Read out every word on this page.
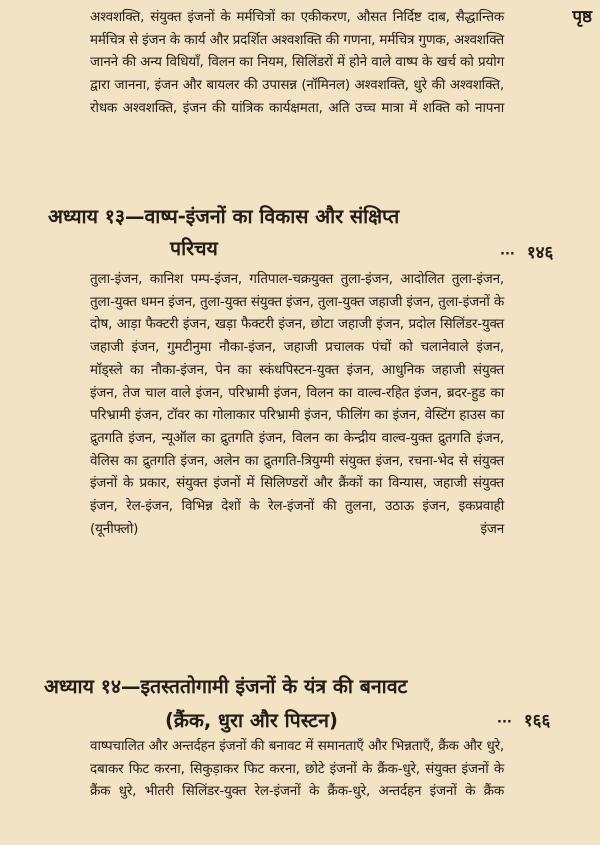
पृष्ठ
अश्वशक्ति, संयुक्त इंजनों के मर्मचित्रों का एकीकरण, औसत निर्दिष्ट दाब, सैद्धान्तिक मर्मचित्र से इंजन के कार्य और प्रदर्शित अश्वशक्ति की गणना, मर्मचित्र गुणक, अश्वशक्ति जानने की अन्य विधियाँ, विलन का नियम, सिलिंडरों में होने वाले वाष्प के खर्च को प्रयोग द्वारा जानना, इंजन और बायलर की उपासन्न (नॉमिनल) अश्वशक्ति, धुरे की अश्वशक्ति, रोधक अश्वशक्ति, इंजन की यांत्रिक कार्यक्षमता, अति उच्च मात्रा में शक्ति को नापना
अध्याय १३—वाष्प-इंजनों का विकास और संक्षिप्त
परिचय	··· १४६
तुला-इंजन, कानिश पम्प-इंजन, गतिपाल-चक्रयुक्त तुला-इंजन, आदोलित तुला-इंजन, तुला-युक्त धमन इंजन, तुला-युक्त संयुक्त इंजन, तुला-युक्त जहाजी इंजन, तुला-इंजनों के दोष, आड़ा फैक्टरी इंजन, खड़ा फैक्टरी इंजन, छोटा जहाजी इंजन, प्रदोल सिलिंडर-युक्त जहाजी इंजन, गुमटीनुमा नौका-इंजन, जहाजी प्रचालक पंचों को चलानेवाले इंजन, मॉड्स्ले का नौका-इंजन, पेन का स्कंधपिस्टन-युक्त इंजन, आधुनिक जहाजी संयुक्त इंजन, तेज चाल वाले इंजन, परिभ्रामी इंजन, विलन का वाल्व-रहित इंजन, ब्रदर-हुड का परिभ्रामी इंजन, टॉवर का गोलाकार परिभ्रामी इंजन, फीलिंग का इंजन, वेस्टिंग हाउस का द्रुतगति इंजन, न्यूऑल का द्रुतगति इंजन, विलन का केन्द्रीय वाल्व-युक्त द्रुतगति इंजन, वेलिस का द्रुतगति इंजन, अलेन का द्रुतगति-त्रियुग्मी संयुक्त इंजन, रचना-भेद से संयुक्त इंजनों के प्रकार, संयुक्त इंजनों में सिलिण्डरों और क्रैंकों का विन्यास, जहाजी संयुक्त इंजन, रेल-इंजन, विभिन्न देशों के रेल-इंजनों की तुलना, उठाऊ इंजन, इकप्रवाही (यूनीफ्लो) इंजन
अध्याय १४—इतस्ततोगामी इंजनों के यंत्र की बनावट
(क्रैंक, धुरा और पिस्टन)	··· १६६
वाष्पचालित और अन्तर्दहन इंजनों की बनावट में समानताएँ और भिन्नताएँ, क्रैंक और धुरे, दबाकर फिट करना, सिकुड़ाकर फिट करना, छोटे इंजनों के क्रैंक-धुरे, संयुक्त इंजनों के क्रैंक धुरे, भीतरी सिलिंडर-युक्त रेल-इंजनों के क्रैंक-धुरे, अन्तर्दहन इंजनों के क्रैंक
